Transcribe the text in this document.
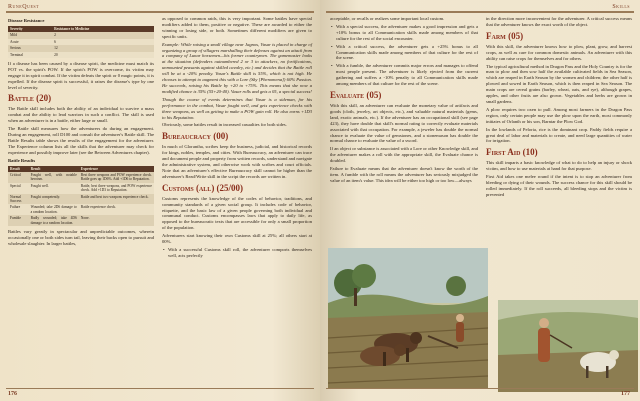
RuneQuest
Disease Resistance
Severity	Resistance to Medicine
Mild	2
Acute	6
Serious	12
Terminal	20

If a disease has been caused by a disease spirit, the medicine must match its POT vs. the spirit's POW. If the spirit's POW is overcome, its victim may engage it in spirit combat. If the victim defeats the spirit or 0 magic points, it is expelled. If the disease spirit is successful, it raises the disease's type by one level of severity.

Battle (20)

The Battle skill includes both the ability of an individual to survive a mass combat and the ability to lead warriors in such a conflict. The skill is used when an adventurer is in a battle, either large or small.

The Battle skill measures how the adventurers do during an engagement. During an engagement, roll D100 and consult the adventurer's Battle skill. The Battle Results table shows the results of the engagement for the adventurer. The Experience column lists all the skills that the adventurer may check for experience and possibly improve later (see the Between Adventures chapter).

Battle Results
Result	Result	Experience
Critical	Fought well, with notable heroism.	Best three weapons and POW experience check. Battle goes up 1D6%. Add +1D6 to Reputation.
Special	Fought well.	Battle, best three weapons, and POW experience check. Add +1D3 to Reputation.
Normal Success	Fought competently.	Battle and best two weapons experience check.
Failure	Wounded; take 2D6 damage to a random location.	Battle experience check.
Fumble	Badly wounded; take 4D6 damage to a random location.	None.

Battles vary greatly in spectacular and unpredictable outcomes, wherein occasionally one or both sides turn tail, leaving their backs open to pursuit and wholesale slaughter. In larger battles,

as opposed to common raids, this is very important. Some battles have special modifiers added to them, positive or negative. These are awarded to either the winning or losing side, or both. Sometimes different modifiers are given to specific units.

Example: While raising a small village near Jagnos, Vasar is placed in charge of organizing a group of villagers marshalling their defenses against an attack from a company of Lunar horsemen—his former countrymen. The gamemaster looks at the situation (defenders outnumbered 2 or 3 to attackers, no fortifications, unmounted peasants against skilled cavalry, etc.) and decides that the Battle roll will be at a -20% penalty. Vasar's Battle skill is 55%, which is not high. He chooses to attempt to augment this with a Lore (Sky [Phenomena]) 60% Passion. He succeeds, raising his Battle by +20 to +75%. This means that she now a modified chance is 35% (55+20-40). Vasar rolls and gets a 05, a special success!

Though the course of events determines that Vasar is a sideman, for his performance in the combat, Vasar fought well, and gets experience checks with three weapons, as well as getting to make a POW gain roll. He also earns +1D3 to his Reputation.

Obviously, some battles result in increased casualties for both sides.

Bureaucracy (00)

In much of Glorantha, scribes keep the business, judicial, and historical records for kings, nobles, temples, and cities. With Bureaucracy, an adventurer can trace and document people and property from written records, understand and navigate the administrative system, and otherwise work with scribes and court officials. Note that an adventurer's effective Bureaucracy skill cannot be higher than the adventurer's Read/Write skill in the script the records are written in.

Customs (all) (25/00)

Customs represents the knowledge of the codes of behavior, traditions, and community standards of a given social group. It includes code of behavior, etiquette, and the basic law of a given people governing both individual and communal conduct. Customs encompasses laws that apply to daily life, as opposed to the bureaucratic texts that are accessible for only a small proportion of the population.

Adventurers start knowing their own Customs skill at 25%; all others start at 00%.

• With a successful Customs skill roll, the adventurer comports themselves well, acts perfectly

176
Skills

acceptable, or recalls or realizes some important local custom.

• With a special success, the adventurer makes a good impression and gets a +10% bonus to all Communication skills made among members of that culture for the rest of the social encounter.

• With a critical success, the adventurer gets a +25% bonus to all Communication skills made among members of that culture for the rest of the scene.

• With a fumble, the adventurer commits major errors and manages to offend most people present. The adventurer is likely ejected from the current gathering and suffers a -10% penalty to all Communication skills made among members of that culture for the rest of the scene.

Evaluate (05)

With this skill, an adventurer can evaluate the monetary value of artifacts and goods (cloth, jewelry, art objects, etc.), and valuable natural materials (gems, land, exotic animals, etc.). If the adventurer has an occupational skill (see page 423), they have double that skill's normal rating to correctly evaluate materials associated with that occupation. For example, a jeweler has double the normal chance to evaluate the value of gemstones, and a stonemason has double the normal chance to evaluate the value of a sword.

If an object or substance is associated with a Lore or other Knowledge skill, and the adventurer makes a roll with the appropriate skill, the Evaluate chance is doubled.

Failure to Evaluate means that the adventurer doesn't know the worth of the item. A fumble with the roll means the adventurer has seriously misjudged the value of an item's value. This idea will be either too high or too low—always

in the direction more inconvenient for the adventurer. A critical success means that the adventurer knows the exact worth of the object.

Farm (05)

With this skill, the adventurer knows how to plow, plant, grow, and harvest crops, as well as care for common domestic animals. An adventurer with this ability can raise crops for themselves and for others.

The typical agricultural method in Dragon Pass and the Holy Country is for the man to plow and then sow half the available cultivated fields in Sea Season, which are reaped in Earth Season by the women and children; the other half is plowed and sowed in Earth Season, which is then reaped in Sea Season. The main crops are cereal grains (barley, wheat, oats, and rye), although grapes, apples, and other fruits are also grown. Vegetables and herbs are grown in small gardens.

A plow requires two oxen to pull. Among most farmers in the Dragon Pass region, only certain people may use the plow upon the earth, most commonly initiates of Orlanth or his son, Barntar the Plow God.

In the lowlands of Peloria, rice is the dominant crop. Paddy fields require a great deal of labor and materials to create, and need large quantities of water for irrigation.

First Aid (10)

This skill imparts a basic knowledge of what to do to help an injury or shock victim, and how to use materials at hand for that purpose.

First Aid takes one melee round if the intent is to stop an adventurer from bleeding or dying of their wounds. The success chance for this skill should be rolled immediately. If the roll succeeds, all bleeding stops and the victim is prevented

177
